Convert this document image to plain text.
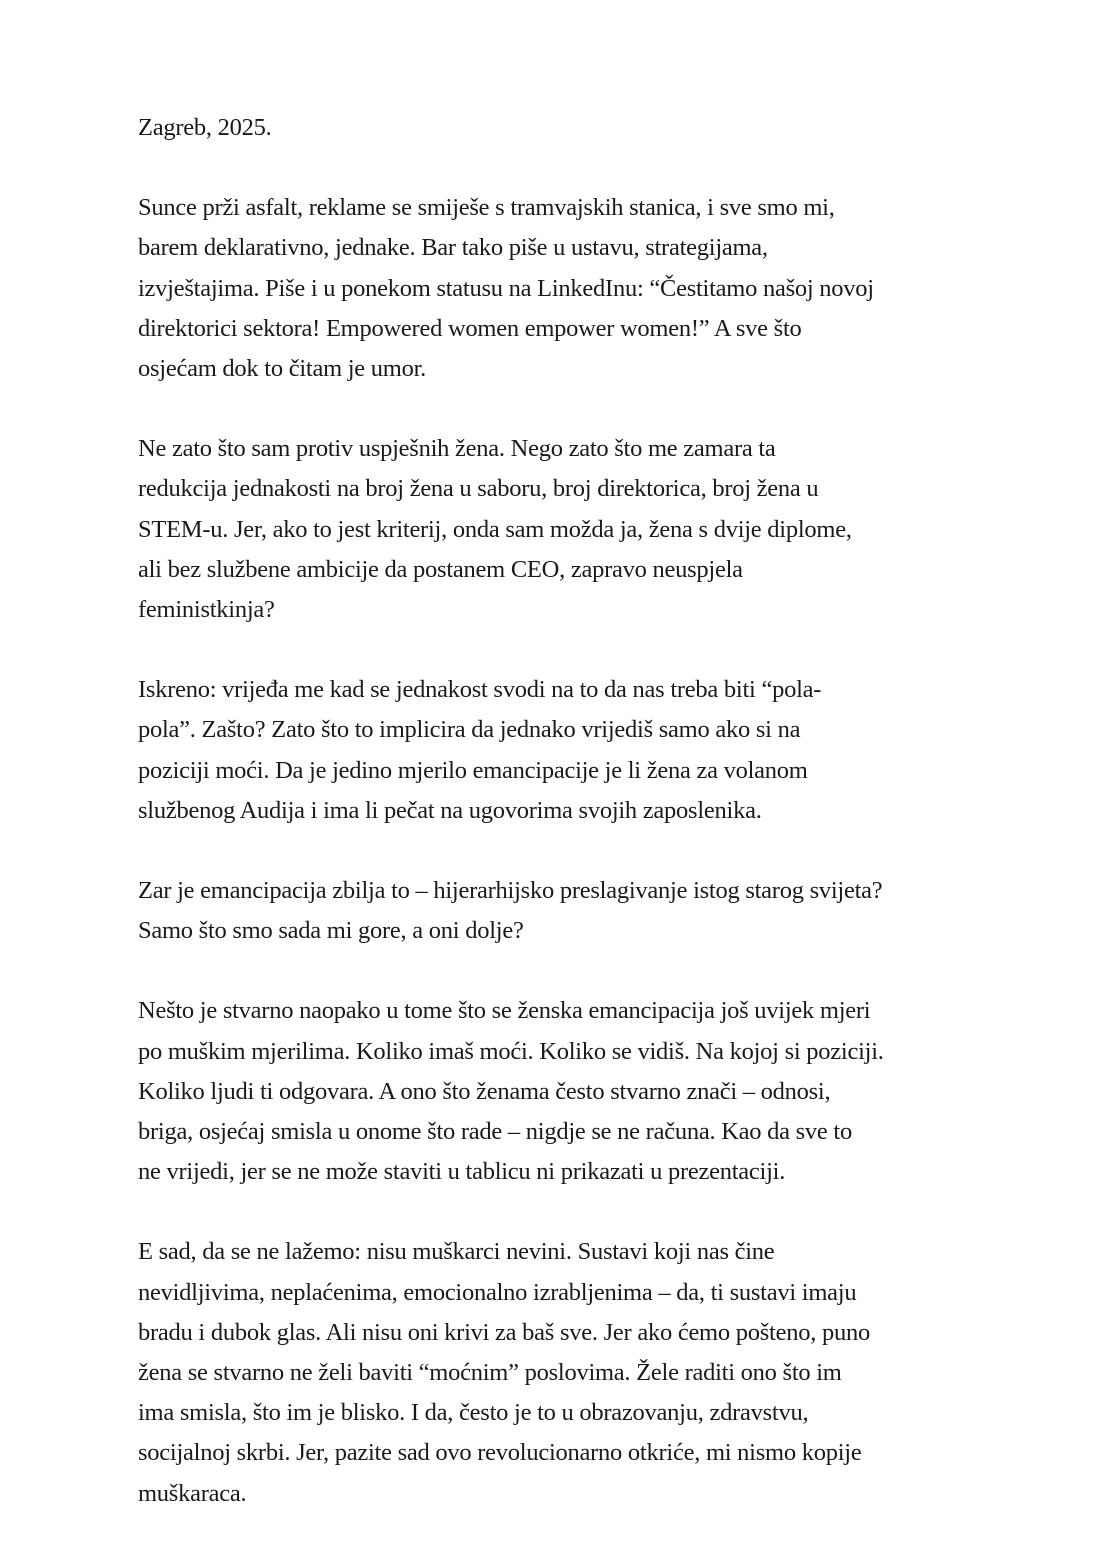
Zagreb, 2025.
Sunce prži asfalt, reklame se smiješe s tramvajskih stanica, i sve smo mi,
barem deklarativno, jednake. Bar tako piše u ustavu, strategijama,
izvještajima. Piše i u ponekom statusu na LinkedInu: “Čestitamo našoj novoj
direktorici sektora! Empowered women empower women!” A sve što
osjećam dok to čitam je umor.
Ne zato što sam protiv uspješnih žena. Nego zato što me zamara ta
redukcija jednakosti na broj žena u saboru, broj direktorica, broj žena u
STEM-u. Jer, ako to jest kriterij, onda sam možda ja, žena s dvije diplome,
ali bez službene ambicije da postanem CEO, zapravo neuspjela
feministkinja?
Iskreno: vrijeđa me kad se jednakost svodi na to da nas treba biti “pola-
pola”. Zašto? Zato što to implicira da jednako vrijediš samo ako si na
poziciji moći. Da je jedino mjerilo emancipacije je li žena za volanom
službenog Audija i ima li pečat na ugovorima svojih zaposlenika.
Zar je emancipacija zbilja to – hijerarhijsko preslagivanje istog starog svijeta?
Samo što smo sada mi gore, a oni dolje?
Nešto je stvarno naopako u tome što se ženska emancipacija još uvijek mjeri
po muškim mjerilima. Koliko imaš moći. Koliko se vidiš. Na kojoj si poziciji.
Koliko ljudi ti odgovara. A ono što ženama često stvarno znači – odnosi,
briga, osjećaj smisla u onome što rade – nigdje se ne računa. Kao da sve to
ne vrijedi, jer se ne može staviti u tablicu ni prikazati u prezentaciji.
E sad, da se ne lažemo: nisu muškarci nevini. Sustavi koji nas čine
nevidljivima, neplaćenima, emocionalno izrabljenima – da, ti sustavi imaju
bradu i dubok glas. Ali nisu oni krivi za baš sve. Jer ako ćemo pošteno, puno
žena se stvarno ne želi baviti “moćnim” poslovima. Žele raditi ono što im
ima smisla, što im je blisko. I da, često je to u obrazovanju, zdravstvu,
socijalnoj skrbi. Jer, pazite sad ovo revolucionarno otkriće, mi nismo kopije
muškaraca.
